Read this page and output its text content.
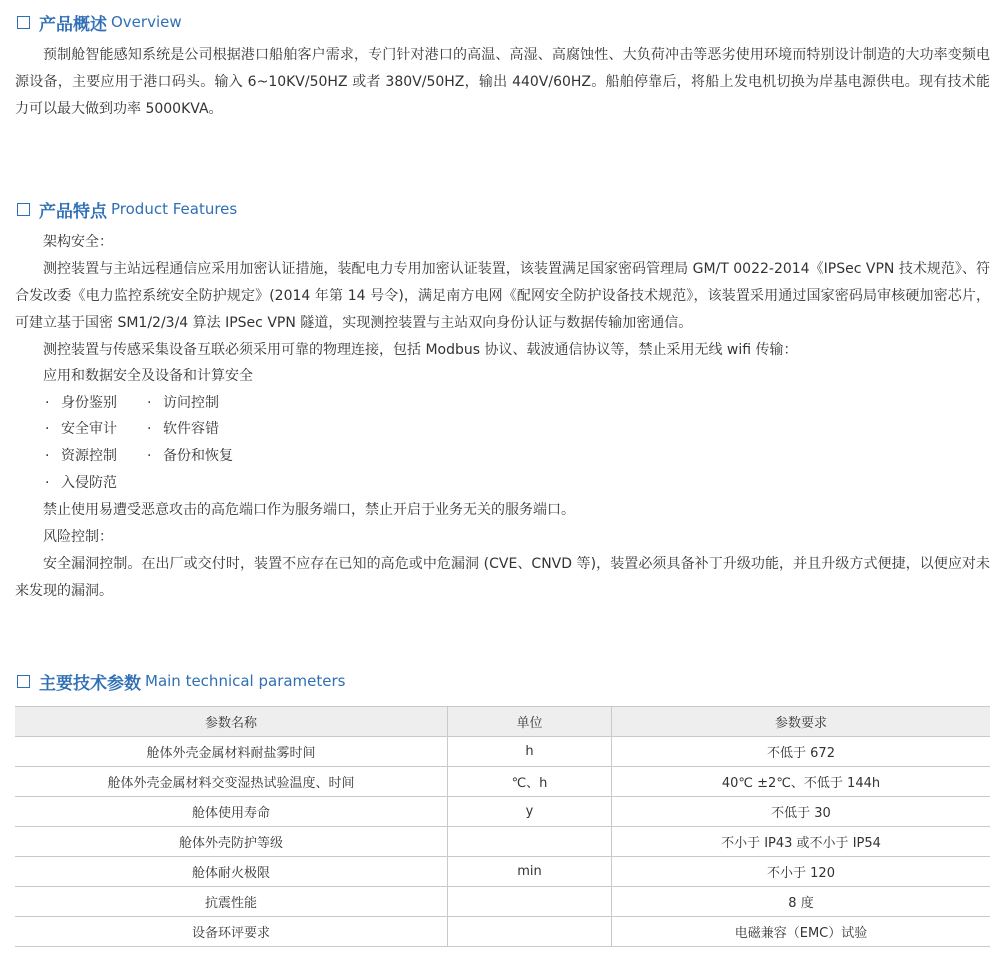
产品概述 Overview

预制舱智能感知系统是公司根据港口船舶客户需求，专门针对港口的高温、高湿、高腐蚀性、大负荷冲击等恶劣使用环境而特别设计制造的大功率变频电源设备，主要应用于港口码头。输入 6~10KV/50HZ 或者 380V/50HZ，输出 440V/60HZ。船舶停靠后，将船上发电机切换为岸基电源供电。现有技术能力可以最大做到功率 5000KVA。

产品特点 Product Features

架构安全：

测控装置与主站远程通信应采用加密认证措施，装配电力专用加密认证装置，该装置满足国家密码管理局 GM/T 0022-2014《IPSec VPN 技术规范》、符合发改委《电力监控系统安全防护规定》(2014 年第 14 号令)，满足南方电网《配网安全防护设备技术规范》，该装置采用通过国家密码局审核硬加密芯片，可建立基于国密 SM1/2/3/4 算法 IPSec VPN 隧道，实现测控装置与主站双向身份认证与数据传输加密通信。

测控装置与传感采集设备互联必须采用可靠的物理连接，包括 Modbus 协议、载波通信协议等，禁止采用无线 wifi 传输：

应用和数据安全及设备和计算安全

· 身份鉴别 · 访问控制
· 安全审计 · 软件容错
· 资源控制 · 备份和恢复
· 入侵防范

禁止使用易遭受恶意攻击的高危端口作为服务端口，禁止开启于业务无关的服务端口。

风险控制：

安全漏洞控制。在出厂或交付时，装置不应存在已知的高危或中危漏洞 (CVE、CNVD 等)，装置必须具备补丁升级功能，并且升级方式便捷，以便应对未来发现的漏洞。

主要技术参数 Main technical parameters
参数名称	单位	参数要求
舱体外壳金属材料耐盐雾时间	h	不低于 672
舱体外壳金属材料交变湿热试验温度、时间	℃、h	40℃ ±2℃、不低于 144h
舱体使用寿命	y	不低于 30
舱体外壳防护等级		不小于 IP43 或不小于 IP54
舱体耐火极限	min	不小于 120
抗震性能		8 度
设备环评要求		电磁兼容（EMC）试验
